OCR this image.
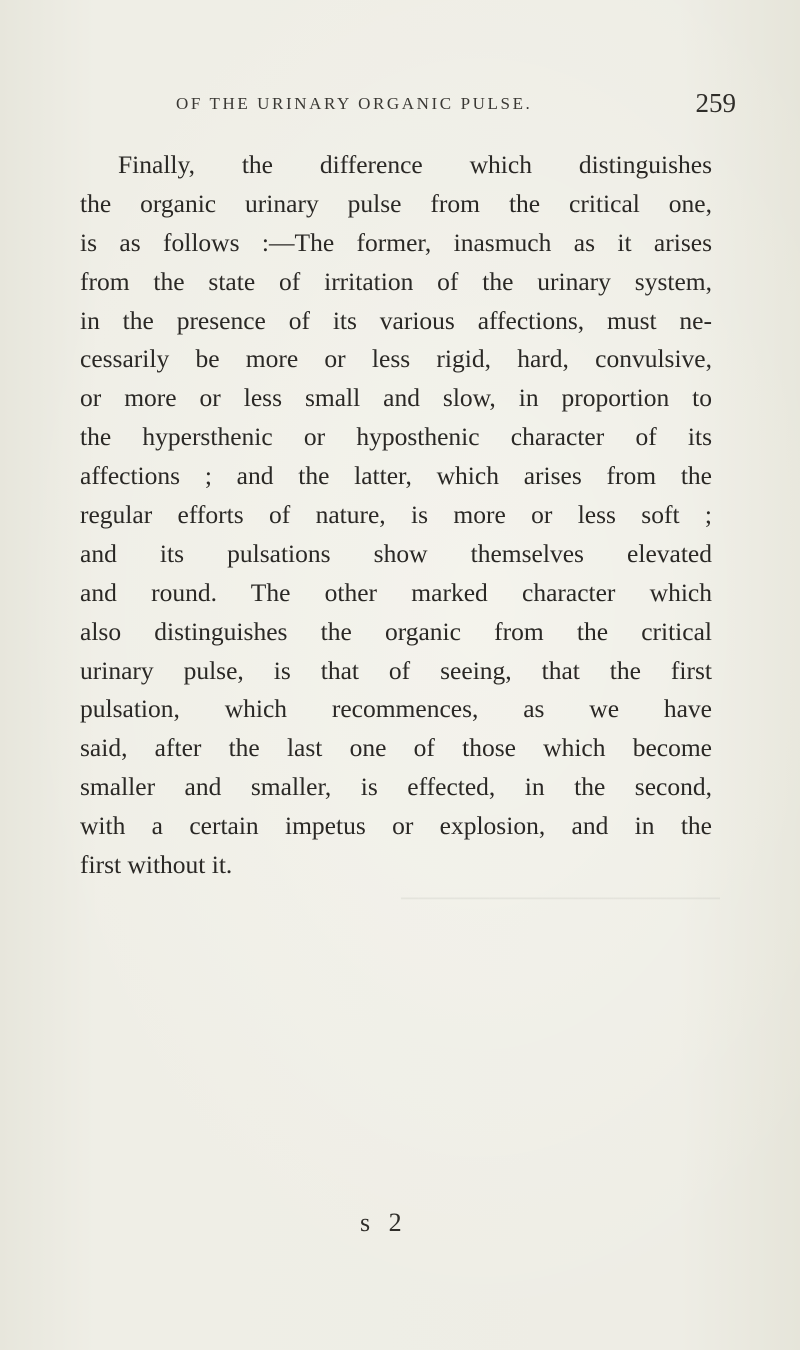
OF THE URINARY ORGANIC PULSE.	259
Finally, the difference which distinguishes
the organic urinary pulse from the critical one,
is as follows :—The former, inasmuch as it arises
from the state of irritation of the urinary system,
in the presence of its various affections, must ne-
cessarily be more or less rigid, hard, convulsive,
or more or less small and slow, in proportion to
the hypersthenic or hyposthenic character of its
affections ; and the latter, which arises from the
regular efforts of nature, is more or less soft ;
and its pulsations show themselves elevated
and round. The other marked character which
also distinguishes the organic from the critical
urinary pulse, is that of seeing, that the first
pulsation, which recommences, as we have
said, after the last one of those which become
smaller and smaller, is effected, in the second,
with a certain impetus or explosion, and in the
first without it.
──────────────────
s 2
